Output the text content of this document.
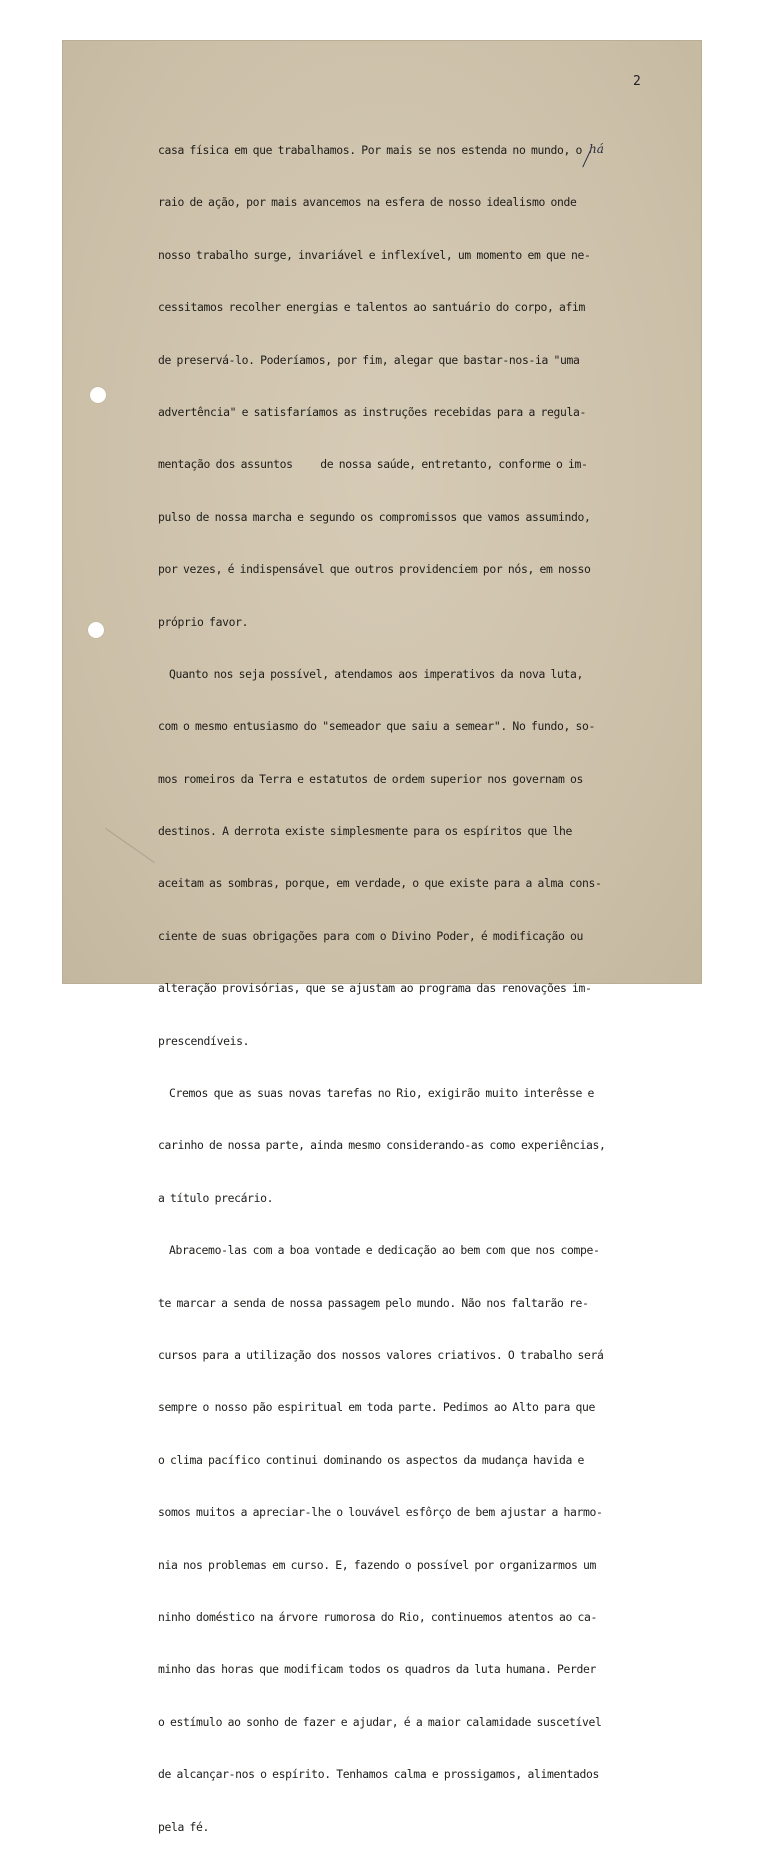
2
há

casa física em que trabalhamos. Por mais se nos estenda no mundo, o

raio de ação, por mais avancemos na esfera de nosso idealismo onde

nosso trabalho surge, invariável e inflexível, um momento em que ne-

cessitamos recolher energias e talentos ao santuário do corpo, afim

de preservá-lo. Poderíamos, por fim, alegar que bastar-nos-ia "uma

advertência" e satisfaríamos as instruções recebidas para a regula-

mentação dos assuntos     de nossa saúde, entretanto, conforme o im-

pulso de nossa marcha e segundo os compromissos que vamos assumindo,

por vezes, é indispensável que outros providenciem por nós, em nosso

próprio favor.

Quanto nos seja possível, atendamos aos imperativos da nova luta,

com o mesmo entusiasmo do "semeador que saiu a semear". No fundo, so-

mos romeiros da Terra e estatutos de ordem superior nos governam os

destinos. A derrota existe simplesmente para os espíritos que lhe

aceitam as sombras, porque, em verdade, o que existe para a alma cons-

ciente de suas obrigações para com o Divino Poder, é modificação ou

alteração provisórias, que se ajustam ao programa das renovações im-

prescendíveis.

Cremos que as suas novas tarefas no Rio, exigirão muito interêsse e

carinho de nossa parte, ainda mesmo considerando-as como experiências,

a título precário.

Abracemo-las com a boa vontade e dedicação ao bem com que nos compe-

te marcar a senda de nossa passagem pelo mundo. Não nos faltarão re-

cursos para a utilização dos nossos valores criativos. O trabalho será

sempre o nosso pão espiritual em toda parte. Pedimos ao Alto para que

o clima pacífico continui dominando os aspectos da mudança havida e

somos muitos a apreciar-lhe o louvável esfôrço de bem ajustar a harmo-

nia nos problemas em curso. E, fazendo o possível por organizarmos um

ninho doméstico na árvore rumorosa do Rio, continuemos atentos ao ca-

minho das horas que modificam todos os quadros da luta humana. Perder

o estímulo ao sonho de fazer e ajudar, é a maior calamidade suscetível

de alcançar-nos o espírito. Tenhamos calma e prossigamos, alimentados

pela fé.
